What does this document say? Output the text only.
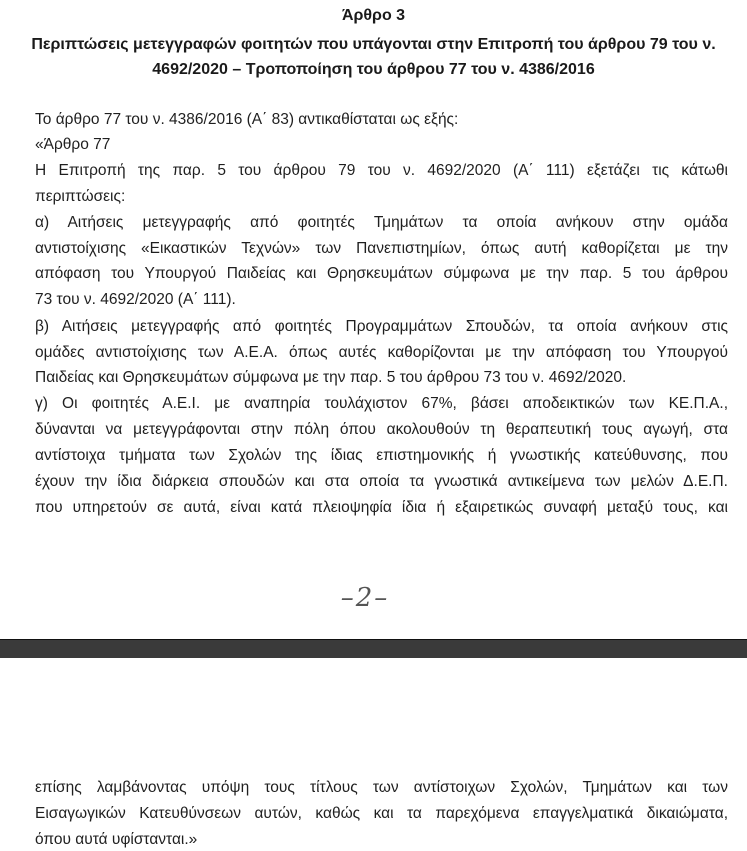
Άρθρο 3
Περιπτώσεις μετεγγραφών φοιτητών που υπάγονται στην Επιτροπή του άρθρου 79 του ν.
4692/2020 – Τροποποίηση του άρθρου 77 του ν. 4386/2016
Το άρθρο 77 του ν. 4386/2016 (Α΄ 83) αντικαθίσταται ως εξής:
«Άρθρο 77
Η Επιτροπή της παρ. 5 του άρθρου 79 του ν. 4692/2020 (Α΄ 111) εξετάζει τις κάτωθι
περιπτώσεις:
α) Αιτήσεις μετεγγραφής από φοιτητές Τμημάτων τα οποία ανήκουν στην ομάδα
αντιστοίχισης «Εικαστικών Τεχνών» των Πανεπιστημίων, όπως αυτή καθορίζεται με την
απόφαση του Υπουργού Παιδείας και Θρησκευμάτων σύμφωνα με την παρ. 5 του άρθρου
73 του ν. 4692/2020 (Α΄ 111).
β) Αιτήσεις μετεγγραφής από φοιτητές Προγραμμάτων Σπουδών, τα οποία ανήκουν στις
ομάδες αντιστοίχισης των Α.Ε.Α. όπως αυτές καθορίζονται με την απόφαση του Υπουργού
Παιδείας και Θρησκευμάτων σύμφωνα με την παρ. 5 του άρθρου 73 του ν. 4692/2020.
γ) Οι φοιτητές Α.Ε.Ι. με αναπηρία τουλάχιστον 67%, βάσει αποδεικτικών των ΚΕ.Π.Α.,
δύνανται να μετεγγράφονται στην πόλη όπου ακολουθούν τη θεραπευτική τους αγωγή, στα
αντίστοιχα τμήματα των Σχολών της ίδιας επιστημονικής ή γνωστικής κατεύθυνσης, που
έχουν την ίδια διάρκεια σπουδών και στα οποία τα γνωστικά αντικείμενα των μελών Δ.Ε.Π.
που υπηρετούν σε αυτά, είναι κατά πλειοψηφία ίδια ή εξαιρετικώς συναφή μεταξύ τους, και
–2–
επίσης λαμβάνοντας υπόψη τους τίτλους των αντίστοιχων Σχολών, Τμημάτων και των
Εισαγωγικών Κατευθύνσεων αυτών, καθώς και τα παρεχόμενα επαγγελματικά δικαιώματα,
όπου αυτά υφίστανται.»
